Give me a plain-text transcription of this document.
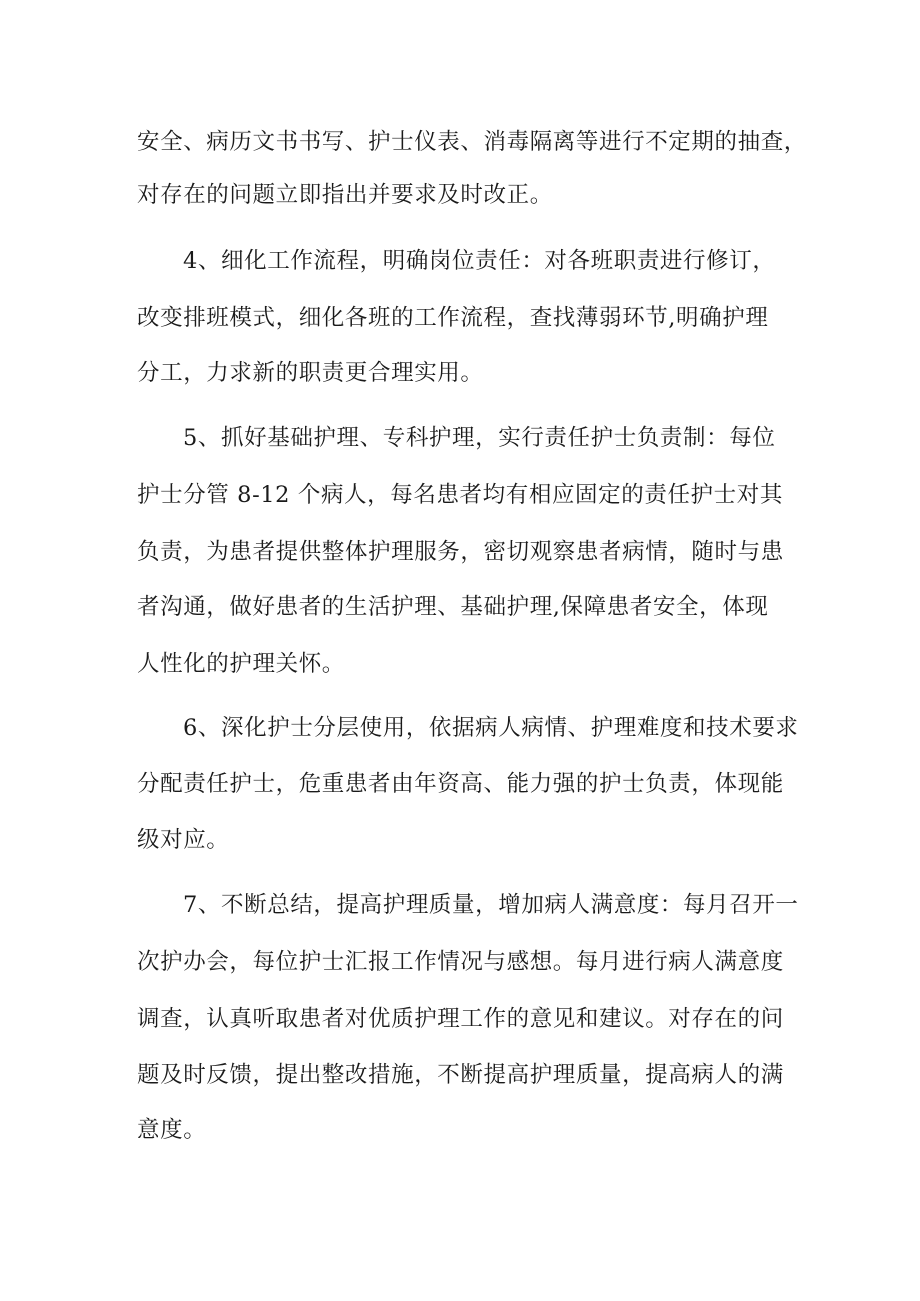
安全、病历文书书写、护士仪表、消毒隔离等进行不定期的抽查，
对存在的问题立即指出并要求及时改正。
4、细化工作流程，明确岗位责任：对各班职责进行修订，
改变排班模式，细化各班的工作流程，查找薄弱环节,明确护理
分工，力求新的职责更合理实用。
5、抓好基础护理、专科护理，实行责任护士负责制：每位
护士分管 8-12 个病人，每名患者均有相应固定的责任护士对其
负责，为患者提供整体护理服务，密切观察患者病情，随时与患
者沟通，做好患者的生活护理、基础护理,保障患者安全，体现
人性化的护理关怀。
6、深化护士分层使用，依据病人病情、护理难度和技术要求
分配责任护士，危重患者由年资高、能力强的护士负责，体现能
级对应。
7、不断总结，提高护理质量，增加病人满意度：每月召开一
次护办会，每位护士汇报工作情况与感想。每月进行病人满意度
调查，认真听取患者对优质护理工作的意见和建议。对存在的问
题及时反馈，提出整改措施，不断提高护理质量，提高病人的满
意度。
